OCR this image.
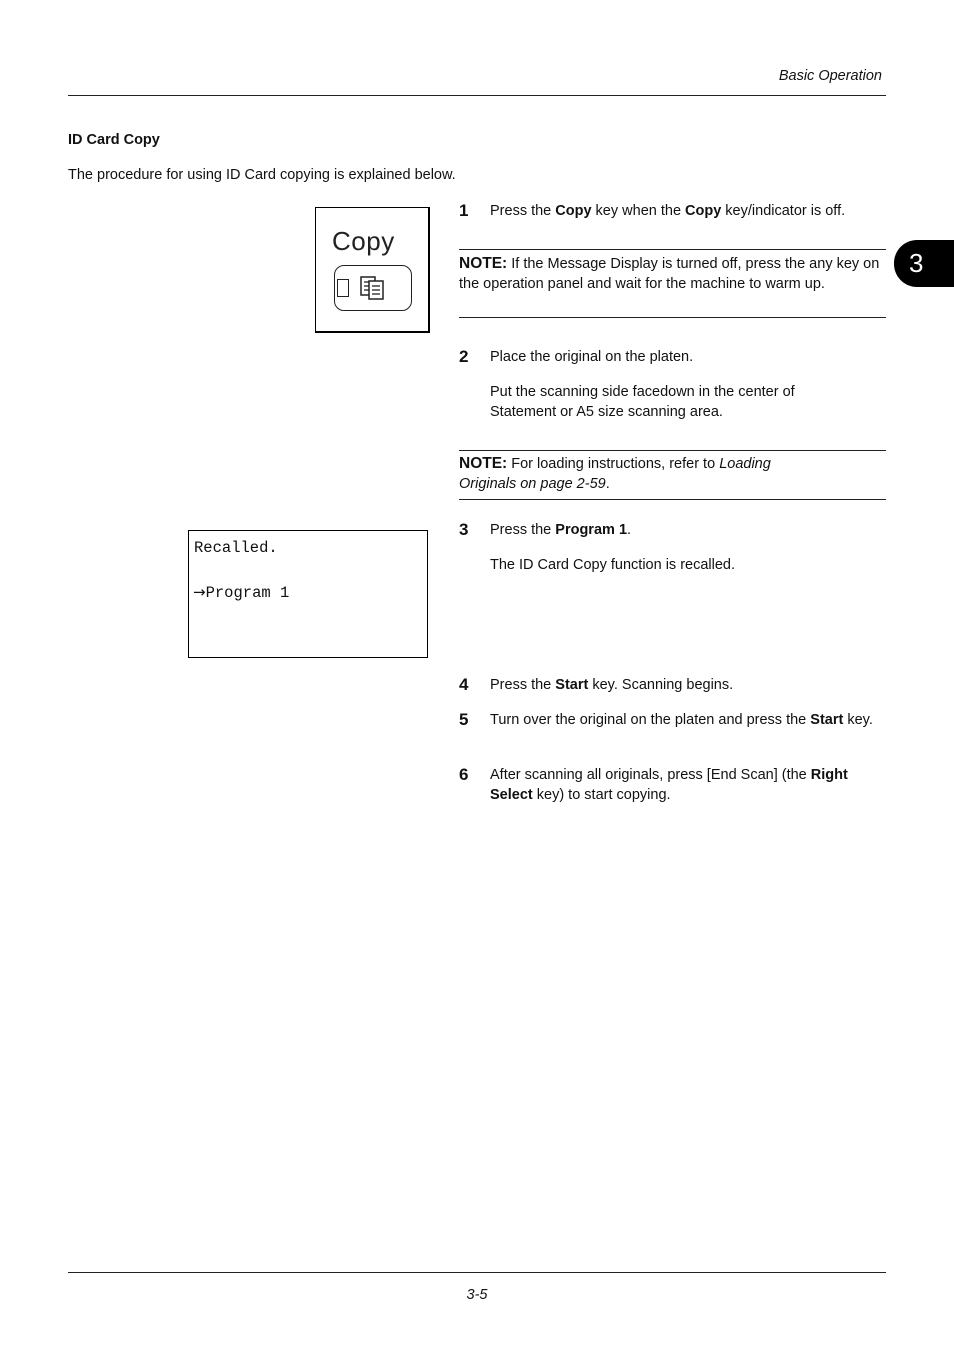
Basic Operation
3
ID Card Copy
The procedure for using ID Card copying is explained below.
Copy
1 Press the Copy key when the Copy key/indicator is off.
NOTE: If the Message Display is turned off, press the any key on the operation panel and wait for the machine to warm up.
2 Place the original on the platen.
Put the scanning side facedown in the center of Statement or A5 size scanning area.
NOTE: For loading instructions, refer to Loading Originals on page 2-59.
Recalled.
→Program 1
3 Press the Program 1.
The ID Card Copy function is recalled.
4 Press the Start key. Scanning begins.
5 Turn over the original on the platen and press the Start key.
6 After scanning all originals, press [End Scan] (the Right Select key) to start copying.
3-5
